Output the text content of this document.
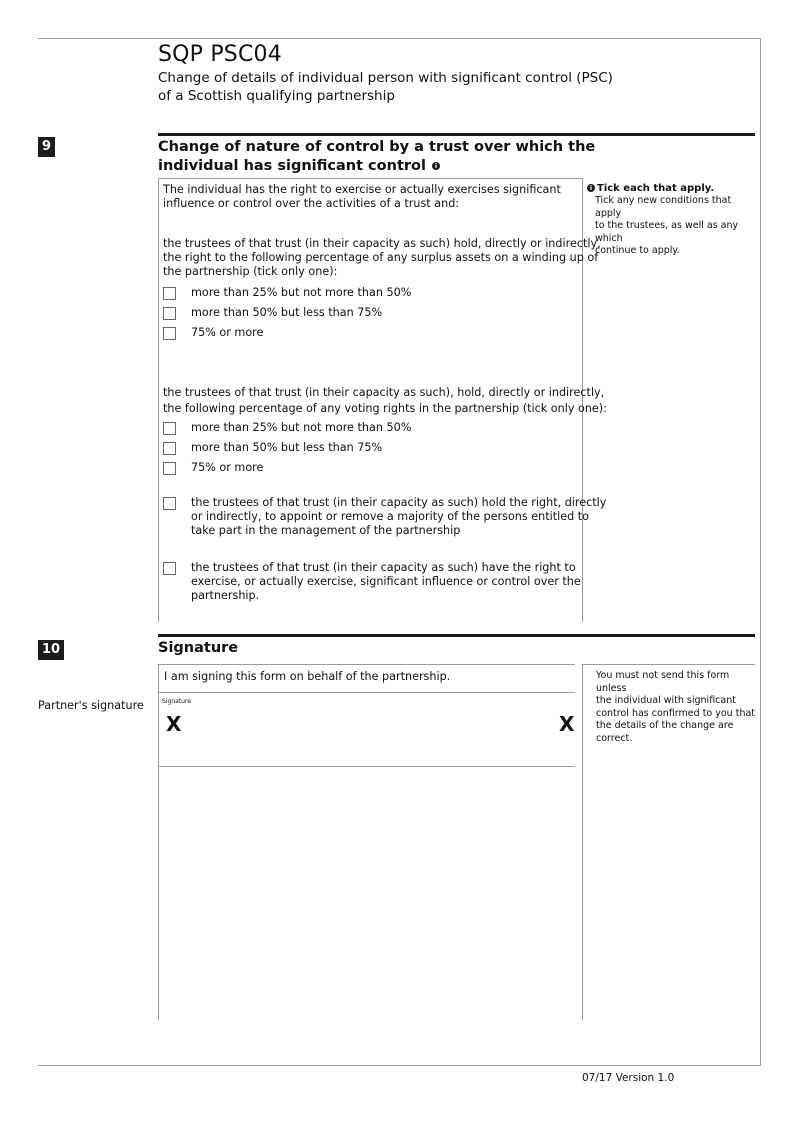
SQP PSC04
Change of details of individual person with significant control (PSC)
of a Scottish qualifying partnership
9	Change of nature of control by a trust over which the
individual has significant control i
The individual has the right to exercise or actually exercises significant
influence or control over the activities of a trust and:
the trustees of that trust (in their capacity as such) hold, directly or indirectly,
the right to the following percentage of any surplus assets on a winding up of
the partnership (tick only one):
more than 25% but not more than 50%
more than 50% but less than 75%
75% or more
the trustees of that trust (in their capacity as such), hold, directly or indirectly,
the following percentage of any voting rights in the partnership (tick only one):
more than 25% but not more than 50%
more than 50% but less than 75%
75% or more
the trustees of that trust (in their capacity as such) hold the right, directly
or indirectly, to appoint or remove a majority of the persons entitled to
take part in the management of the partnership
the trustees of that trust (in their capacity as such) have the right to
exercise, or actually exercise, significant influence or control over the
partnership.
i Tick each that apply.
Tick any new conditions that apply
to the trustees, as well as any which
continue to apply.
10	Signature
I am signing this form on behalf of the partnership.
Partner's signature	Signature
X	X
You must not send this form unless
the individual with significant
control has confirmed to you that
the details of the change are correct.
07/17 Version 1.0
